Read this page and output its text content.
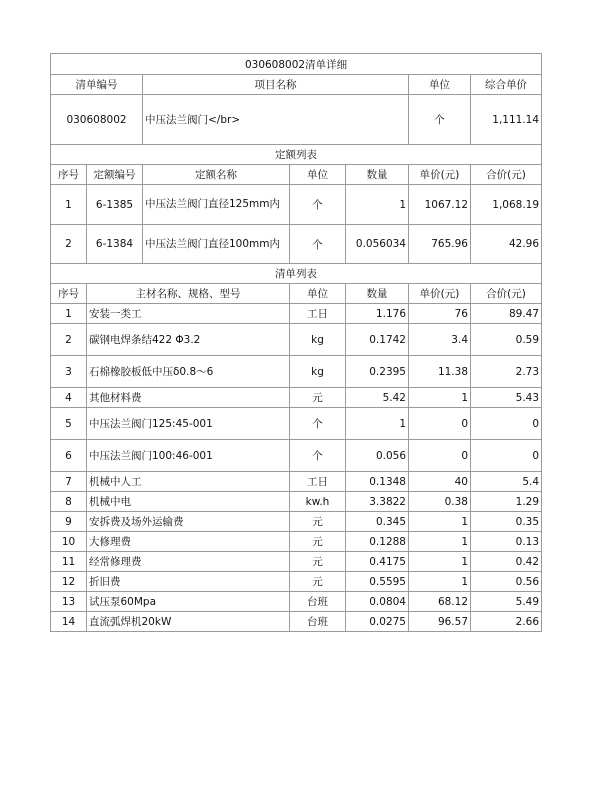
030608002清单详细						
清单编号		项目名称			单位	综合单价
030608002		中压法兰阀门</br>			个	1,111.14
定额列表						
序号	定额编号	定额名称	单位	数量	单价(元)	合价(元)
1	6-1385	中压法兰阀门直径125mm内	个	1	1067.12	1,068.19
2	6-1384	中压法兰阀门直径100mm内	个	0.056034	765.96	42.96
清单列表						
序号	主材名称、规格、型号		单位	数量	单价(元)	合价(元)
1	安装一类工		工日	1.176	76	89.47
2	碳钢电焊条结422 Φ3.2		kg	0.1742	3.4	0.59
3	石棉橡胶板低中压δ0.8～6		kg	0.2395	11.38	2.73
4	其他材料费		元	5.42	1	5.43
5	中压法兰阀门125:45-001		个	1	0	0
6	中压法兰阀门100:46-001		个	0.056	0	0
7	机械中人工		工日	0.1348	40	5.4
8	机械中电		kw.h	3.3822	0.38	1.29
9	安拆费及场外运输费		元	0.345	1	0.35
10	大修理费		元	0.1288	1	0.13
11	经常修理费		元	0.4175	1	0.42
12	折旧费		元	0.5595	1	0.56
13	试压泵60Mpa		台班	0.0804	68.12	5.49
14	直流弧焊机20kW		台班	0.0275	96.57	2.66
